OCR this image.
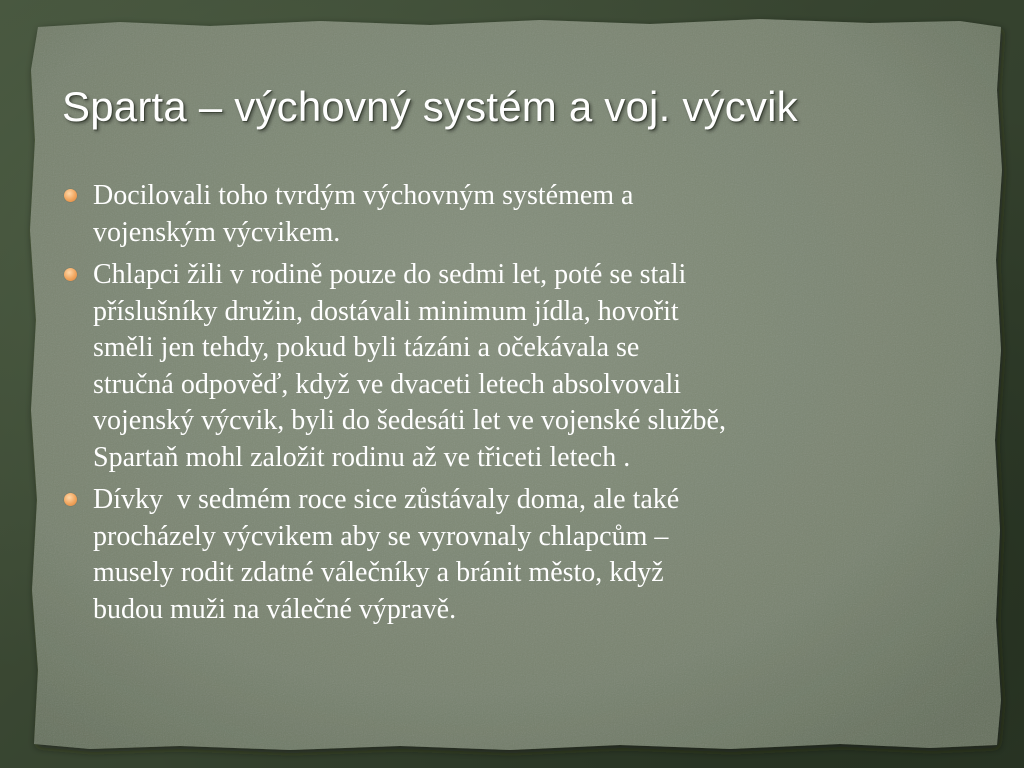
Sparta – výchovný systém a voj. výcvik
Docilovali toho tvrdým výchovným systémem a
vojenským výcvikem.
Chlapci žili v rodině pouze do sedmi let, poté se stali
příslušníky družin, dostávali minimum jídla, hovořit
směli jen tehdy, pokud byli tázáni a očekávala se
stručná odpověď, když ve dvaceti letech absolvovali
vojenský výcvik, byli do šedesáti let ve vojenské službě,
Spartaň mohl založit rodinu až ve třiceti letech .
Dívky  v sedmém roce sice zůstávaly doma, ale také
procházely výcvikem aby se vyrovnaly chlapcům –
musely rodit zdatné válečníky a bránit město, když
budou muži na válečné výpravě.
